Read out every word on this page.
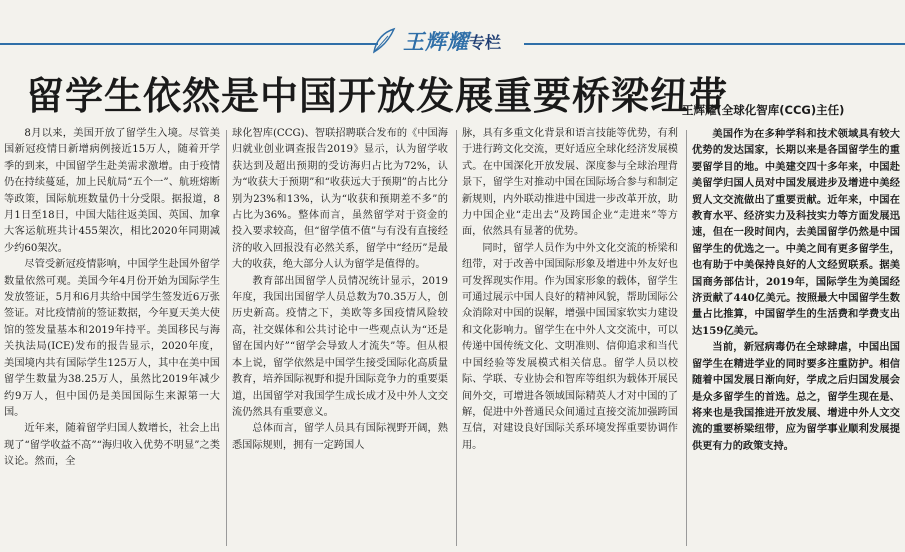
王辉耀 专栏
留学生依然是中国开放发展重要桥梁纽带
王辉耀(全球化智库(CCG)主任)

8月以来，美国开放了留学生入境。尽管美国新冠疫情日新增病例接近15万人，随着开学季的到来，中国留学生赴美需求激增。由于疫情仍在持续蔓延，加上民航局“五个一”、航班熔断等政策，国际航班数量仍十分受限。据报道，8月1日至18日，中国大陆往返美国、英国、加拿大客运航班共计455架次，相比2020年同期减少约60架次。

尽管受新冠疫情影响，中国学生赴国外留学数量依然可观。美国今年4月份开始为国际学生发放签证，5月和6月共给中国学生签发近6万张签证。对比疫情前的签证数据，今年夏天美大使馆的签发量基本和2019年持平。美国移民与海关执法局(ICE)发布的报告显示，2020年度，美国境内共有国际学生125万人，其中在美中国留学生数量为38.25万人，虽然比2019年减少约9万人，但中国仍是美国国际生来源第一大国。

近年来，随着留学归国人数增长，社会上出现了“留学收益不高”“海归收入优势不明显”之类议论。然而，全

球化智库(CCG)、智联招聘联合发布的《中国海归就业创业调查报告2019》显示，认为留学收获达到及超出预期的受访海归占比为72%，认为“收获大于预期”和“收获远大于预期”的占比分别为23%和13%，认为“收获和预期差不多”的占比为36%。整体而言，虽然留学对于资金的投入要求较高，但“留学值不值”与有没有直接经济的收入回报没有必然关系，留学中“经历”是最大的收获，绝大部分人认为留学是值得的。

教育部出国留学人员情况统计显示，2019年度，我国出国留学人员总数为70.35万人，创历史新高。疫情之下，美欧等多国疫情风险较高，社交媒体和公共讨论中一些观点认为“还是留在国内好”“留学会导致人才流失”等。但从根本上说，留学依然是中国学生接受国际化高质量教育，培养国际视野和提升国际竞争力的重要渠道，出国留学对我国学生成长成才及中外人文交流仍然具有重要意义。

总体而言，留学人员具有国际视野开阔，熟悉国际规则，拥有一定跨国人

脉，具有多重文化背景和语言技能等优势，有利于进行跨文化交流，更好适应全球化经济发展模式。在中国深化开放发展、深度参与全球治理背景下，留学生对推动中国在国际场合参与和制定新规则，内外联动推进中国进一步改革开放，助力中国企业“走出去”及跨国企业“走进来”等方面，依然具有显著的优势。

同时，留学人员作为中外文化交流的桥梁和纽带，对于改善中国国际形象及增进中外友好也可发挥现实作用。作为国家形象的载体，留学生可通过展示中国人良好的精神风貌，帮助国际公众消除对中国的误解，增强中国国家软实力建设和文化影响力。留学生在中外人文交流中，可以传递中国传统文化、文明准则、信仰追求和当代中国经验等发展模式相关信息。留学人员以校际、学联、专业协会和智库等组织为载体开展民间外交，可增进各领域国际精英人才对中国的了解，促进中外普通民众间通过直接交流加强跨国互信，对建设良好国际关系环境发挥重要协调作用。

美国作为在多种学科和技术领域具有较大优势的发达国家，长期以来是各国留学生的重要留学目的地。中美建交四十多年来，中国赴美留学归国人员对中国发展进步及增进中美经贸人文交流做出了重要贡献。近年来，中国在教育水平、经济实力及科技实力等方面发展迅速，但在一段时间内，去美国留学仍然是中国留学生的优选之一。中美之间有更多留学生，也有助于中美保持良好的人文经贸联系。据美国商务部估计，2019年，国际学生为美国经济贡献了440亿美元。按照最大中国留学生数量占比推算，中国留学生的生活费和学费支出达159亿美元。

当前，新冠病毒仍在全球肆虐，中国出国留学生在精进学业的同时要多注重防护。相信随着中国发展日渐向好，学成之后归国发展会是众多留学生的首选。总之，留学生现在是、将来也是我国推进开放发展、增进中外人文交流的重要桥梁纽带，应为留学事业顺利发展提供更有力的政策支持。
